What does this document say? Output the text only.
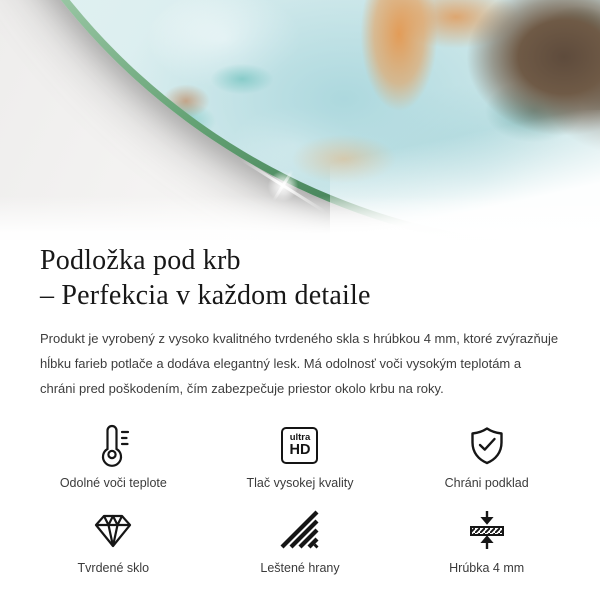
Podložka pod krb
– Perfekcia v každom detaile
Produkt je vyrobený z vysoko kvalitného tvrdeného skla s hrúbkou 4 mm, ktoré zvýrazňuje hĺbku farieb potlače a dodáva elegantný lesk. Má odolnosť voči vysokým teplotám a chráni pred poškodením, čím zabezpečuje priestor okolo krbu na roky.
Odolné voči teplote
ultra
HD
Tlač vysokej kvality	Chráni podklad
Tvrdené sklo	Leštené hrany	Hrúbka 4 mm
